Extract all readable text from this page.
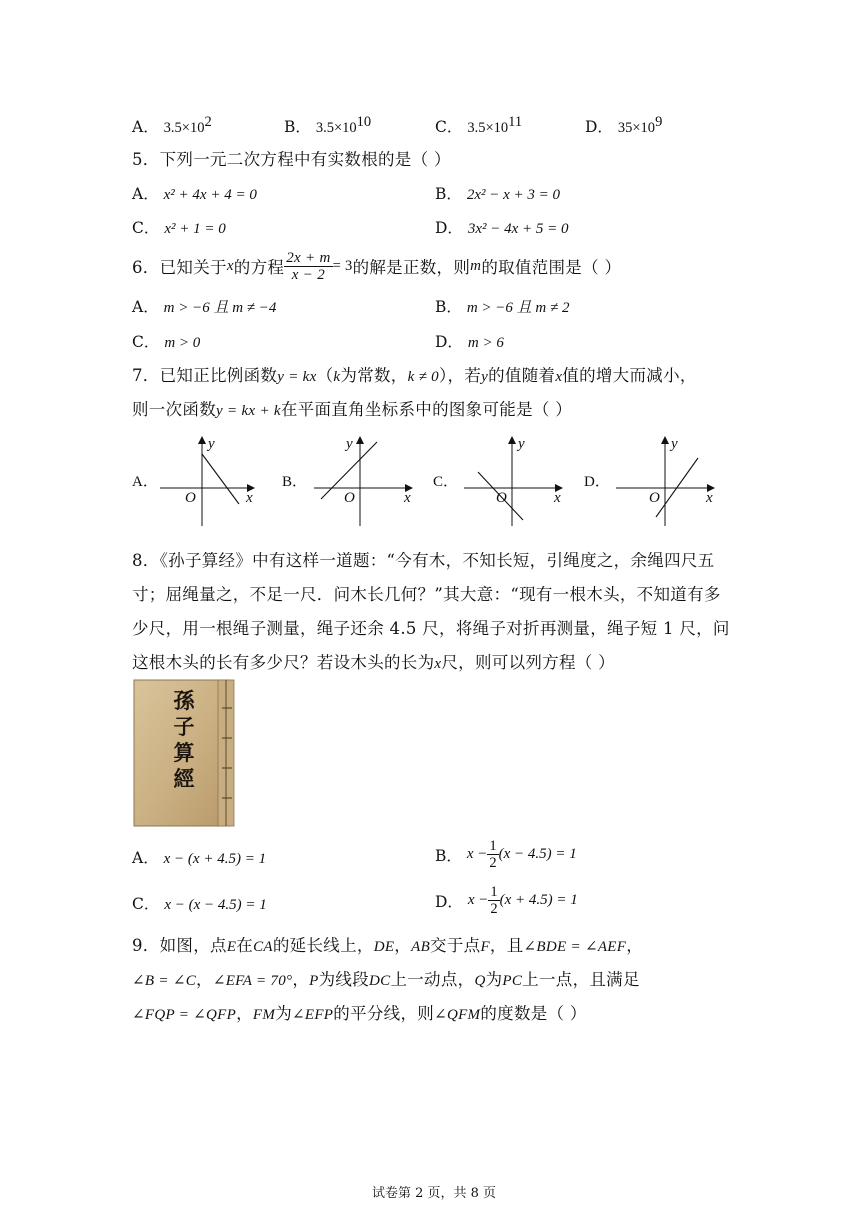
A． $3.5\times 10^2$	B． $3.5\times 10^{10}$	C． $3.5\times 10^{11}$	D． $35\times 10^9$
5．下列一元二次方程中有实数根的是（ ）
A． x² + 4x + 4 = 0	B． 2x² − x + 3 = 0
C． x² + 1 = 0	D． 3x² − 4x + 5 = 0
6．已知关于 x 的方程 $\frac{2x + m}{x - 2} = 3$ 的解是正数，则 m 的取值范围是（ ）
A． m > −6 且 m ≠ −4	B． m > −6 且 m ≠ 2
C． m > 0	D． m > 6
7．已知正比例函数y = kx（k为常数，k ≠ 0），若y的值随着x值的增大而减小，
则一次函数y = kx + k在平面直角坐标系中的图象可能是（ ）
A．
y
x
O
B．
y
x
O
C．
y
x
O
D．
y
x
O
8．《孙子算经》中有这样一道题：“今有木，不知长短，引绳度之，余绳四尺五
寸；屈绳量之，不足一尺．问木长几何？”其大意：“现有一根木头，不知道有多
少尺，用一根绳子测量，绳子还余 4.5 尺，将绳子对折再测量，绳子短 1 尺，问
这根木头的长有多少尺？若设木头的长为x尺，则可以列方程（ ）
孫
子
算
經
A． x − (x + 4.5) = 1	B．
$x - \frac{1}{2} (x - 4.5) = 1$
C． x − (x − 4.5) = 1	D．
$x - \frac{1}{2} (x + 4.5) = 1$
9．如图，点E在CA的延长线上，DE，AB交于点F，且∠BDE = ∠AEF，
∠B = ∠C，∠EFA = 70°，P为线段DC上一动点，Q为PC上一点，且满足
∠FQP = ∠QFP，FM为∠EFP的平分线，则∠QFM的度数是（ ）
试卷第 2 页，共 8 页
